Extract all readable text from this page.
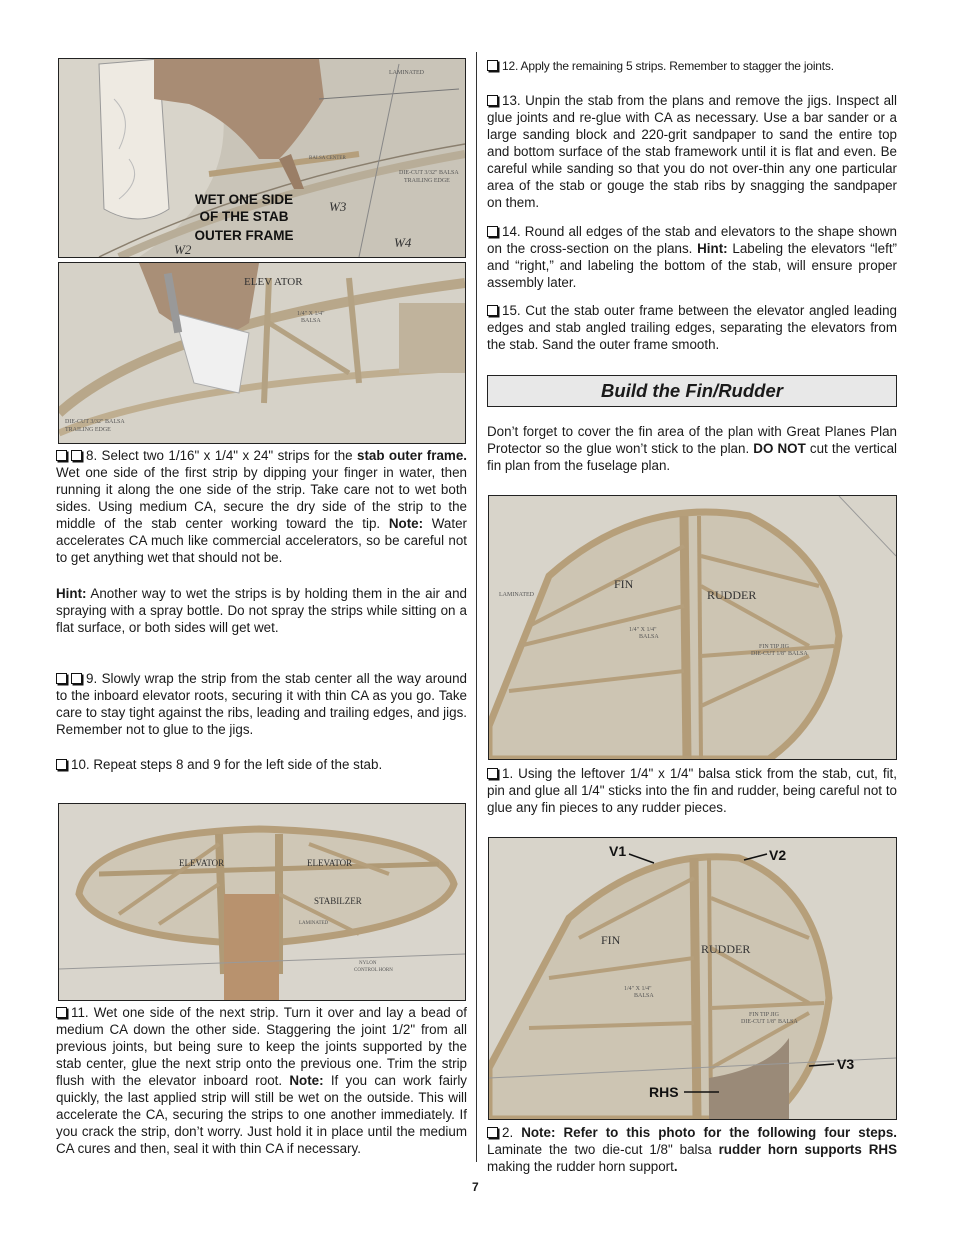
LAMINATED
BALSA CENTER
DIE-CUT 3/32" BALSA
TRAILING EDGE
W3
W4
W2
WET ONE SIDE
OF THE STAB
OUTER FRAME
ELEV ATOR
1/4" X 1/4"
BALSA
DIE-CUT 3/32" BALSA
TRAILING EDGE

8. Select two 1/16" x 1/4" x 24" strips for the stab outer frame. Wet one side of the first strip by dipping your finger in water, then running it along the one side of the strip. Take care not to wet both sides. Using medium CA, secure the dry side of the strip to the middle of the stab center working toward the tip. Note: Water accelerates CA much like commercial accelerators, so be careful not to get anything wet that should not be.

Hint: Another way to wet the strips is by holding them in the air and spraying with a spray bottle. Do not spray the strips while sitting on a flat surface, or both sides will get wet.

9. Slowly wrap the strip from the stab center all the way around to the inboard elevator roots, securing it with thin CA as you go. Take care to stay tight against the ribs, leading and trailing edges, and jigs. Remember not to glue to the jigs.

10. Repeat steps 8 and 9 for the left side of the stab.

ELEVATOR	ELEVATOR
STABILZER
LAMINATED
NYLON
CONTROL HORN

11. Wet one side of the next strip. Turn it over and lay a bead of medium CA down the other side. Staggering the joint 1/2" from all previous joints, but being sure to keep the joints supported by the stab center, glue the next strip onto the previous one. Trim the strip flush with the elevator inboard root. Note: If you can work fairly quickly, the last applied strip will still be wet on the outside. This will accelerate the CA, securing the strips to one another immediately. If you crack the strip, don’t worry. Just hold it in place until the medium CA cures and then, seal it with thin CA if necessary.

12. Apply the remaining 5 strips. Remember to stagger the joints.

13. Unpin the stab from the plans and remove the jigs. Inspect all glue joints and re-glue with CA as necessary. Use a bar sander or a large sanding block and 220-grit sandpaper to sand the entire top and bottom surface of the stab framework until it is flat and even. Be careful while sanding so that you do not over-thin any one particular area of the stab or gouge the stab ribs by snagging the sandpaper on them.

14. Round all edges of the stab and elevators to the shape shown on the cross-section on the plans. Hint: Labeling the elevators “left” and “right,” and labeling the bottom of the stab, will ensure proper assembly later.

15. Cut the stab outer frame between the elevator angled leading edges and stab angled trailing edges, separating the elevators from the stab. Sand the outer frame smooth.

Build the Fin/Rudder

Don’t forget to cover the fin area of the plan with Great Planes Plan Protector so the glue won’t stick to the plan. DO NOT cut the vertical fin plan from the fuselage plan.

FIN
RUDDER
1/4" X 1/4"
BALSA
FIN TIP JIG
DIE-CUT 1/8" BALSA
LAMINATED

1. Using the leftover 1/4" x 1/4" balsa stick from the stab, cut, fit, pin and glue all 1/4" sticks into the fin and rudder, being careful not to glue any fin pieces to any rudder pieces.

FIN
RUDDER
1/4" X 1/4"
BALSA
FIN TIP JIG
DIE-CUT 1/8" BALSA
V1	V2
V3
RHS

2. Note: Refer to this photo for the following four steps. Laminate the two die-cut 1/8" balsa rudder horn supports RHS making the rudder horn support.

7
